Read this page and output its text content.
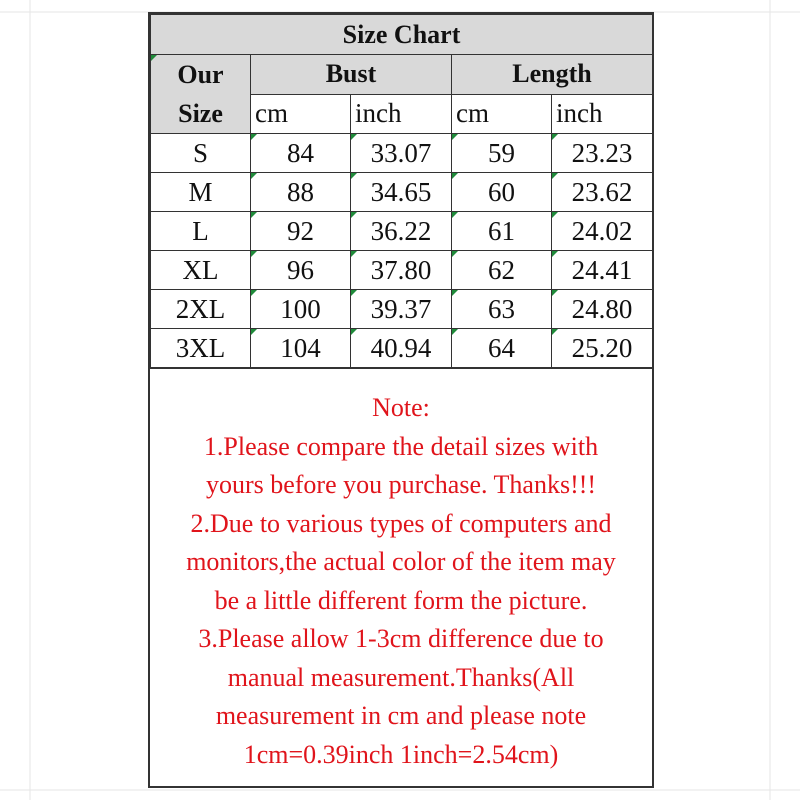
Size Chart				
Our
Size	Bust		Length	
	cm	inch	cm	inch
S	84	33.07	59	23.23
M	88	34.65	60	23.62
L	92	36.22	61	24.02
XL	96	37.80	62	24.41
2XL	100	39.37	63	24.80
3XL	104	40.94	64	25.20
Note:
1.Please compare the detail sizes with
yours before you purchase. Thanks!!!
2.Due to various types of computers and
monitors,the actual color of the item may
be a little different form the picture.
3.Please allow 1-3cm difference due to
manual measurement.Thanks(All
measurement in cm and please note
1cm=0.39inch 1inch=2.54cm)
